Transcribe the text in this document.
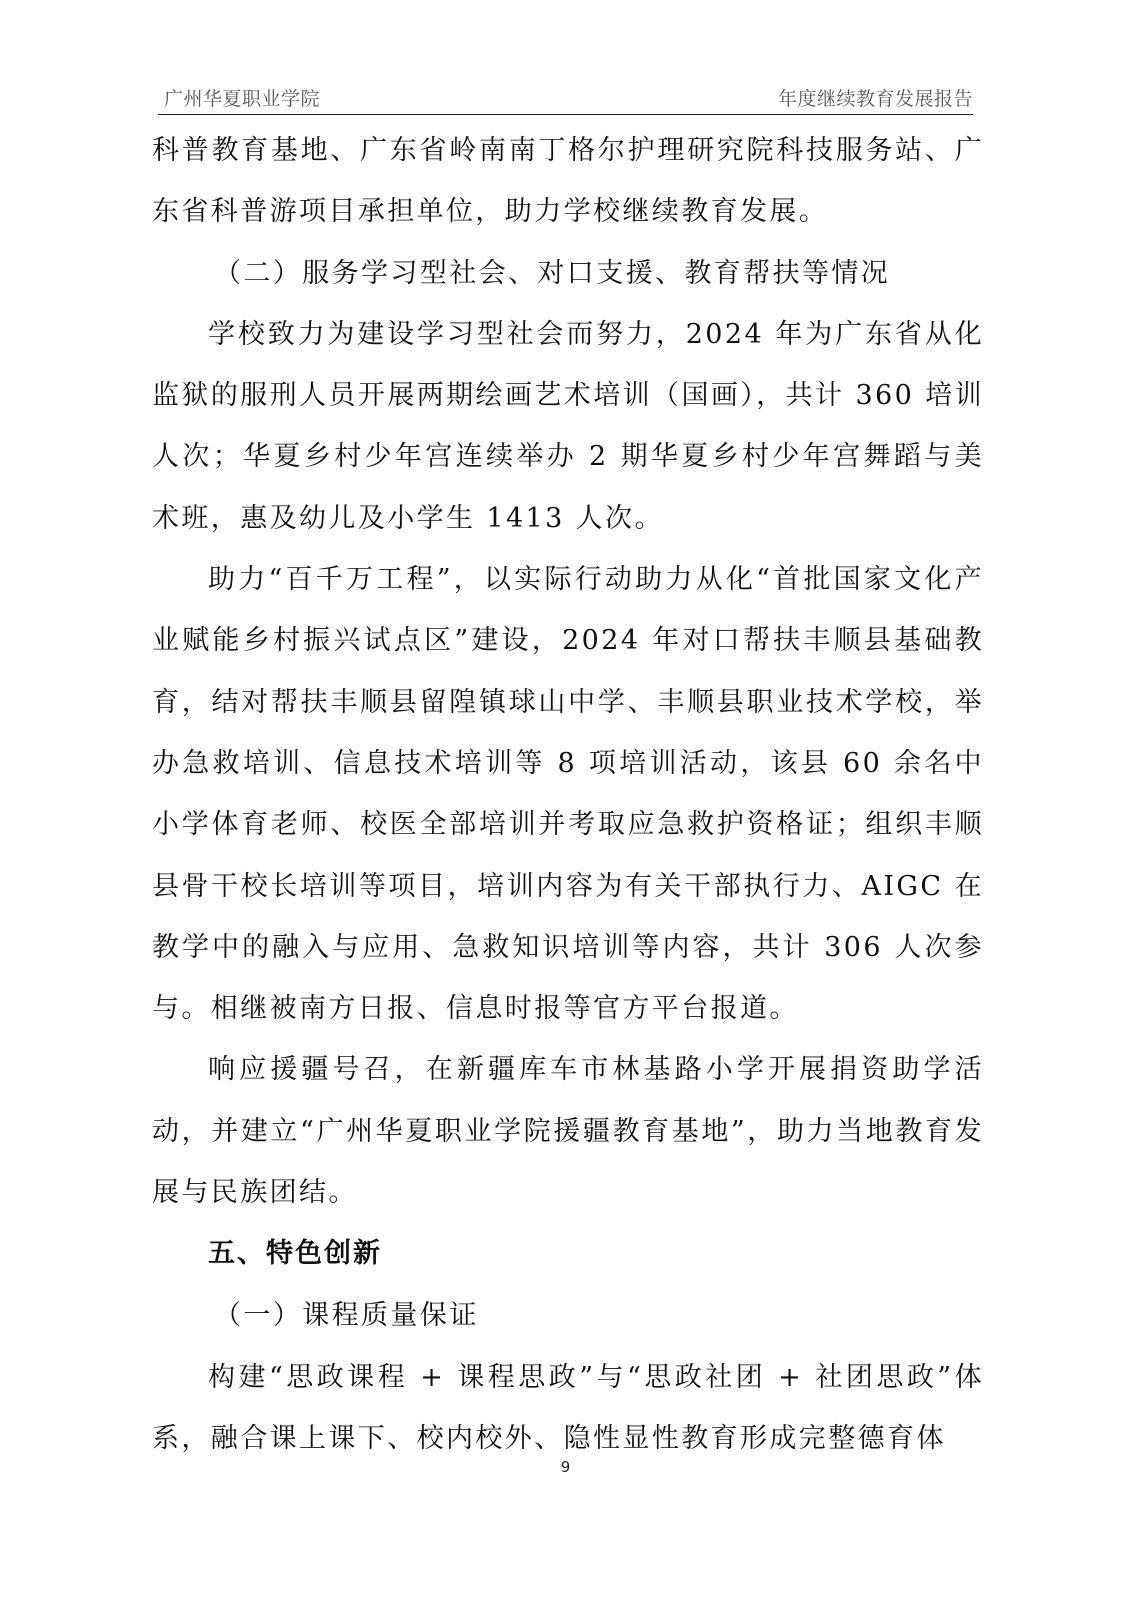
广州华夏职业学院	年度继续教育发展报告

科普教育基地、广东省岭南南丁格尔护理研究院科技服务站、广东省科普游项目承担单位，助力学校继续教育发展。

（二）服务学习型社会、对口支援、教育帮扶等情况

学校致力为建设学习型社会而努力，2024 年为广东省从化监狱的服刑人员开展两期绘画艺术培训（国画），共计 360 培训人次；华夏乡村少年宫连续举办 2 期华夏乡村少年宫舞蹈与美术班，惠及幼儿及小学生 1413 人次。

助力“百千万工程”，以实际行动助力从化“首批国家文化产业赋能乡村振兴试点区”建设，2024 年对口帮扶丰顺县基础教育，结对帮扶丰顺县留隍镇球山中学、丰顺县职业技术学校，举办急救培训、信息技术培训等 8 项培训活动，该县 60 余名中小学体育老师、校医全部培训并考取应急救护资格证；组织丰顺县骨干校长培训等项目，培训内容为有关干部执行力、AIGC 在教学中的融入与应用、急救知识培训等内容，共计 306 人次参与。相继被南方日报、信息时报等官方平台报道。

响应援疆号召，在新疆库车市林基路小学开展捐资助学活动，并建立“广州华夏职业学院援疆教育基地”，助力当地教育发展与民族团结。

五、特色创新

（一）课程质量保证

构建“思政课程 + 课程思政”与“思政社团 + 社团思政”体系，融合课上课下、校内校外、隐性显性教育形成完整德育体

9
